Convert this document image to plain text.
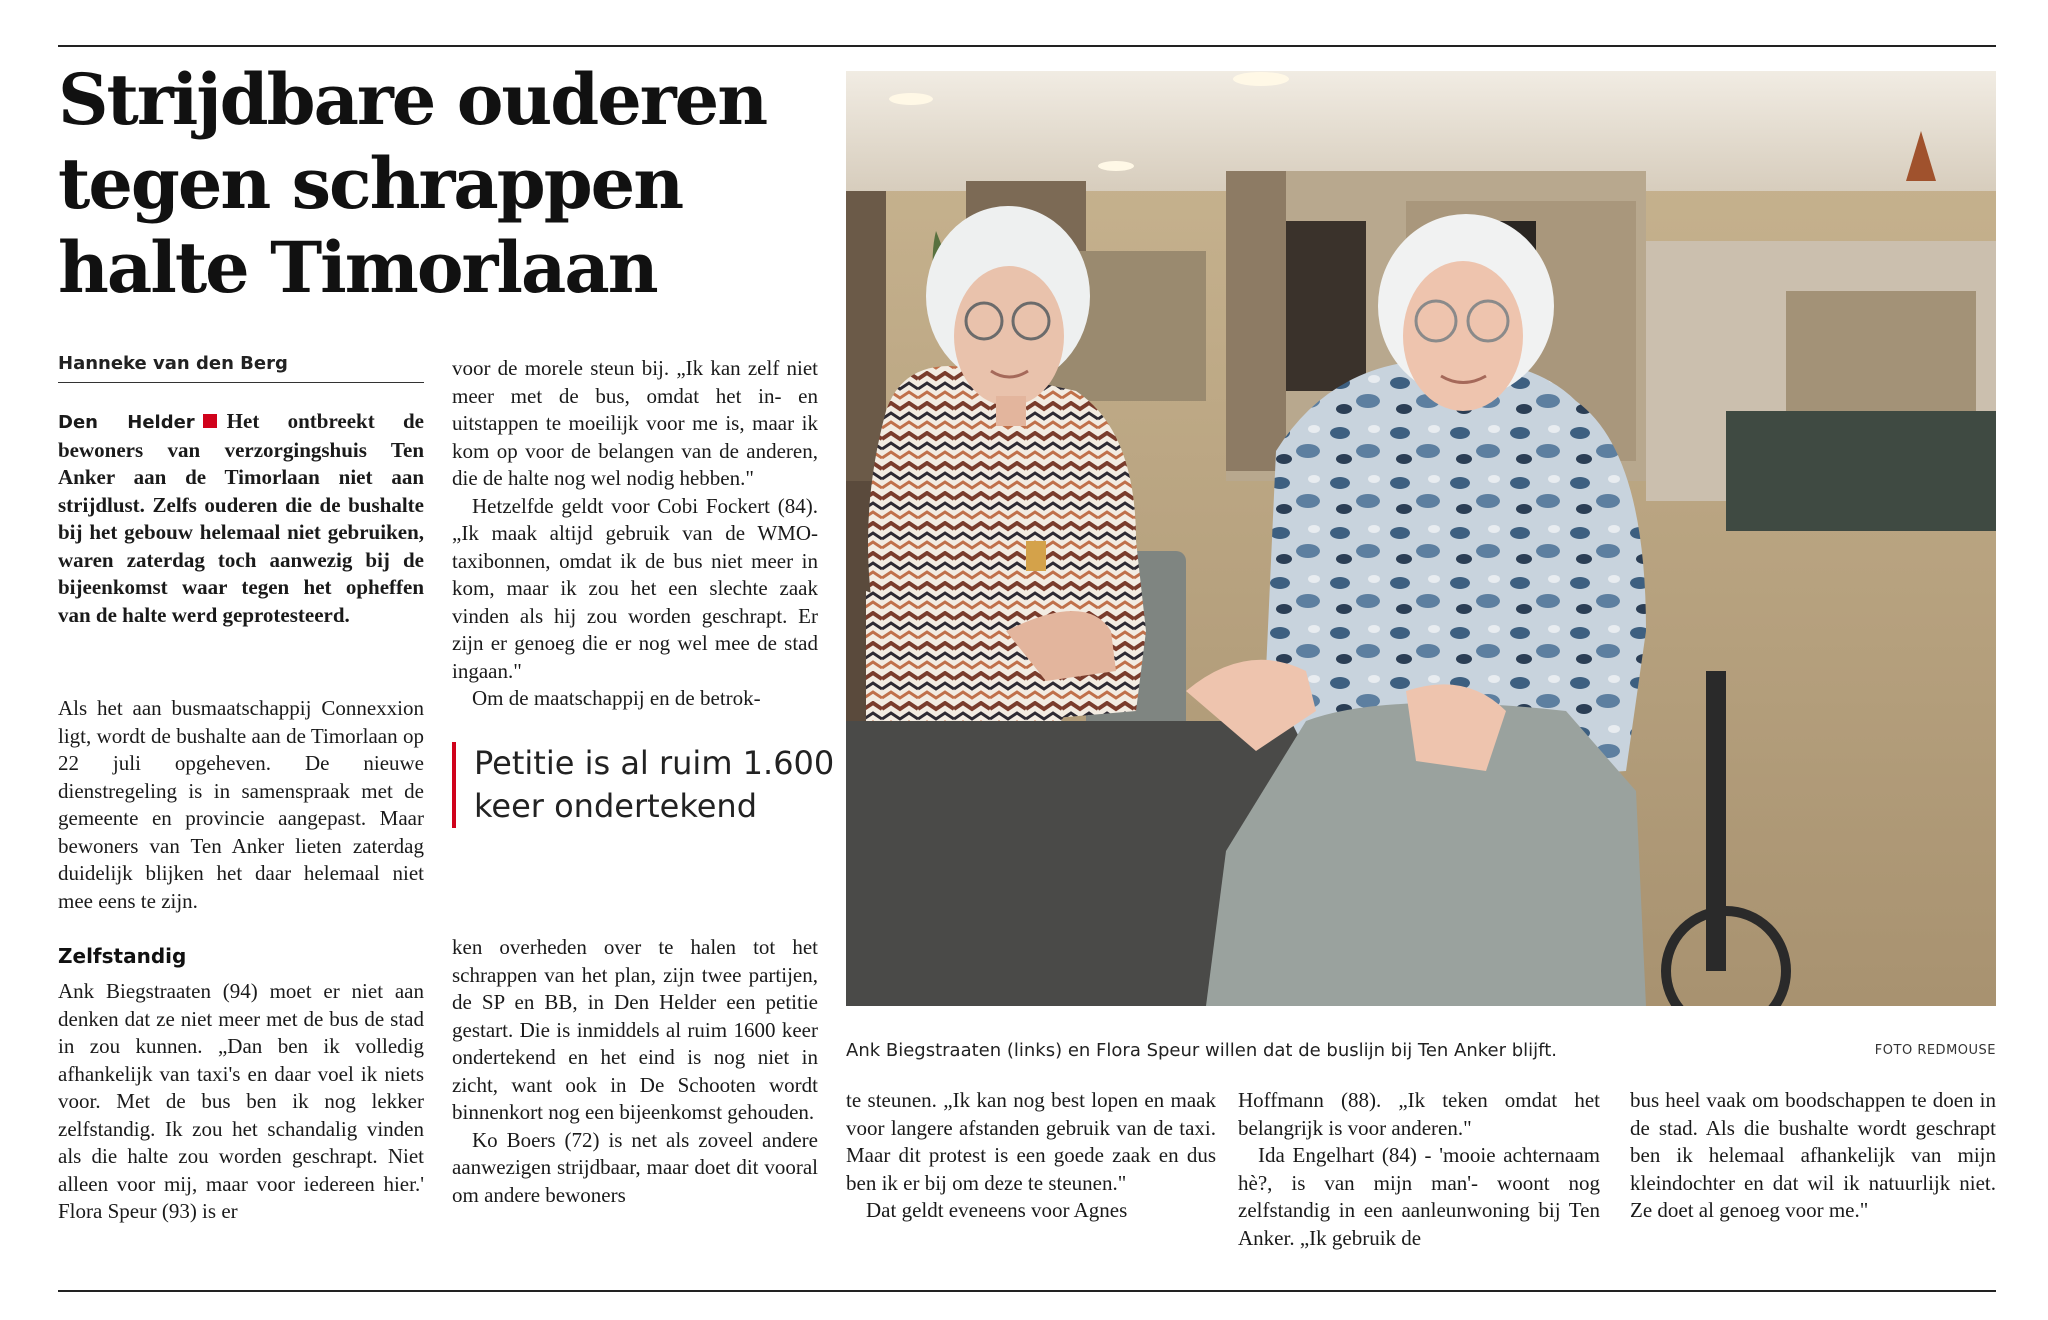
Strijdbare ouderen tegen schrappen halte Timorlaan
Hanneke van den Berg

Den Helder Het ontbreekt de bewoners van verzorgingshuis Ten Anker aan de Timorlaan niet aan strijdlust. Zelfs ouderen die de bushalte bij het gebouw helemaal niet gebruiken, waren zaterdag toch aanwezig bij de bijeenkomst waar tegen het opheffen van de halte werd geprotesteerd.

Als het aan busmaatschappij Connexxion ligt, wordt de bushalte aan de Timorlaan op 22 juli opgeheven. De nieuwe dienstregeling is in samenspraak met de gemeente en provincie aangepast. Maar bewoners van Ten Anker lieten zaterdag duidelijk blijken het daar helemaal niet mee eens te zijn.

Zelfstandig

Ank Biegstraaten (94) moet er niet aan denken dat ze niet meer met de bus de stad in zou kunnen. „Dan ben ik volledig afhankelijk van taxi's en daar voel ik niets voor. Met de bus ben ik nog lekker zelfstandig. Ik zou het schandalig vinden als die halte zou worden geschrapt. Niet alleen voor mij, maar voor iedereen hier.' Flora Speur (93) is er

voor de morele steun bij. „Ik kan zelf niet meer met de bus, omdat het in- en uitstappen te moeilijk voor me is, maar ik kom op voor de belangen van de anderen, die de halte nog wel nodig hebben."

Hetzelfde geldt voor Cobi Fockert (84). „Ik maak altijd gebruik van de WMO-taxibonnen, omdat ik de bus niet meer in kom, maar ik zou het een slechte zaak vinden als hij zou worden geschrapt. Er zijn er genoeg die er nog wel mee de stad ingaan."

Om de maatschappij en de betrok-

Petitie is al ruim 1.600 keer ondertekend

ken overheden over te halen tot het schrappen van het plan, zijn twee partijen, de SP en BB, in Den Helder een petitie gestart. Die is inmiddels al ruim 1600 keer ondertekend en het eind is nog niet in zicht, want ook in De Schooten wordt binnenkort nog een bijeenkomst gehouden.

Ko Boers (72) is net als zoveel andere aanwezigen strijdbaar, maar doet dit vooral om andere bewoners

Ank Biegstraaten (links) en Flora Speur willen dat de buslijn bij Ten Anker blijft.	FOTO REDMOUSE

te steunen. „Ik kan nog best lopen en maak voor langere afstanden gebruik van de taxi. Maar dit protest is een goede zaak en dus ben ik er bij om deze te steunen."

Dat geldt eveneens voor Agnes

Hoffmann (88). „Ik teken omdat het belangrijk is voor anderen."

Ida Engelhart (84) - 'mooie achternaam hè?, is van mijn man'- woont nog zelfstandig in een aanleunwoning bij Ten Anker. „Ik gebruik de

bus heel vaak om boodschappen te doen in de stad. Als die bushalte wordt geschrapt ben ik helemaal afhankelijk van mijn kleindochter en dat wil ik natuurlijk niet. Ze doet al genoeg voor me."
